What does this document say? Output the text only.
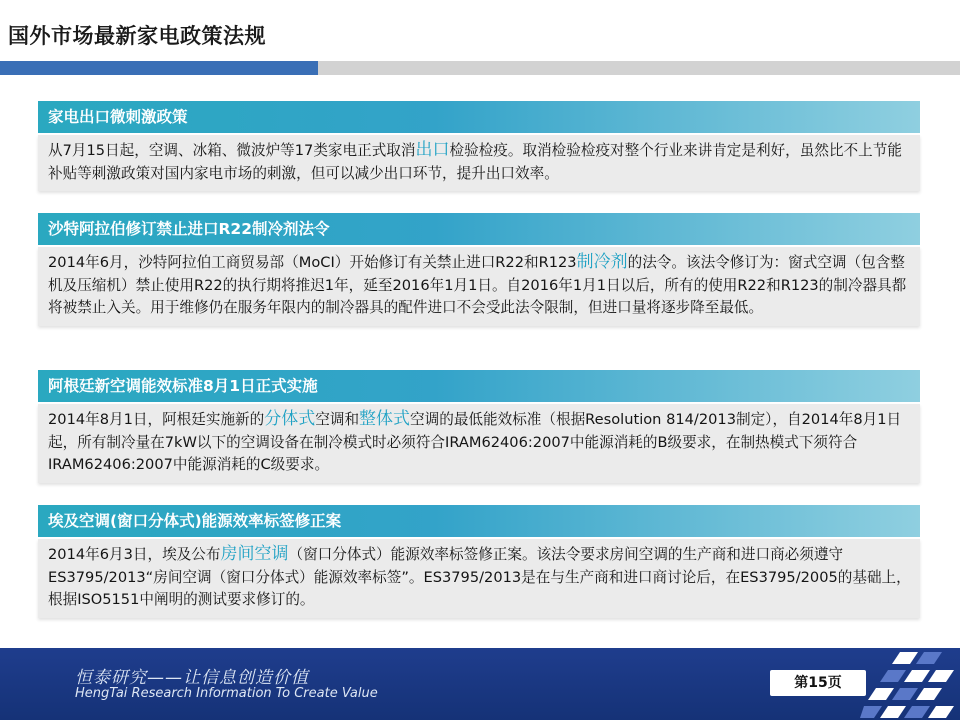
国外市场最新家电政策法规
家电出口微刺激政策
从7月15日起，空调、冰箱、微波炉等17类家电正式取消出口检验检疫。取消检验检疫对整个行业来讲肯定是利好，虽然比不上节能补贴等刺激政策对国内家电市场的刺激，但可以减少出口环节，提升出口效率。
沙特阿拉伯修订禁止进口R22制冷剂法令
2014年6月，沙特阿拉伯工商贸易部（MoCI）开始修订有关禁止进口R22和R123制冷剂的法令。该法令修订为：窗式空调（包含整机及压缩机）禁止使用R22的执行期将推迟1年，延至2016年1月1日。自2016年1月1日以后，所有的使用R22和R123的制冷器具都将被禁止入关。用于维修仍在服务年限内的制冷器具的配件进口不会受此法令限制，但进口量将逐步降至最低。
阿根廷新空调能效标准8月1日正式实施
2014年8月1日，阿根廷实施新的分体式空调和整体式空调的最低能效标准（根据Resolution 814/2013制定），自2014年8月1日起，所有制冷量在7kW以下的空调设备在制冷模式时必须符合IRAM62406:2007中能源消耗的B级要求，在制热模式下须符合IRAM62406:2007中能源消耗的C级要求。
埃及空调(窗口分体式)能源效率标签修正案
2014年6月3日，埃及公布房间空调（窗口分体式）能源效率标签修正案。该法令要求房间空调的生产商和进口商必须遵守ES3795/2013“房间空调（窗口分体式）能源效率标签”。ES3795/2013是在与生产商和进口商讨论后，在ES3795/2005的基础上，根据ISO5151中阐明的测试要求修订的。
恒泰研究——让信息创造价值
HengTai Research Information To Create Value
第15页
